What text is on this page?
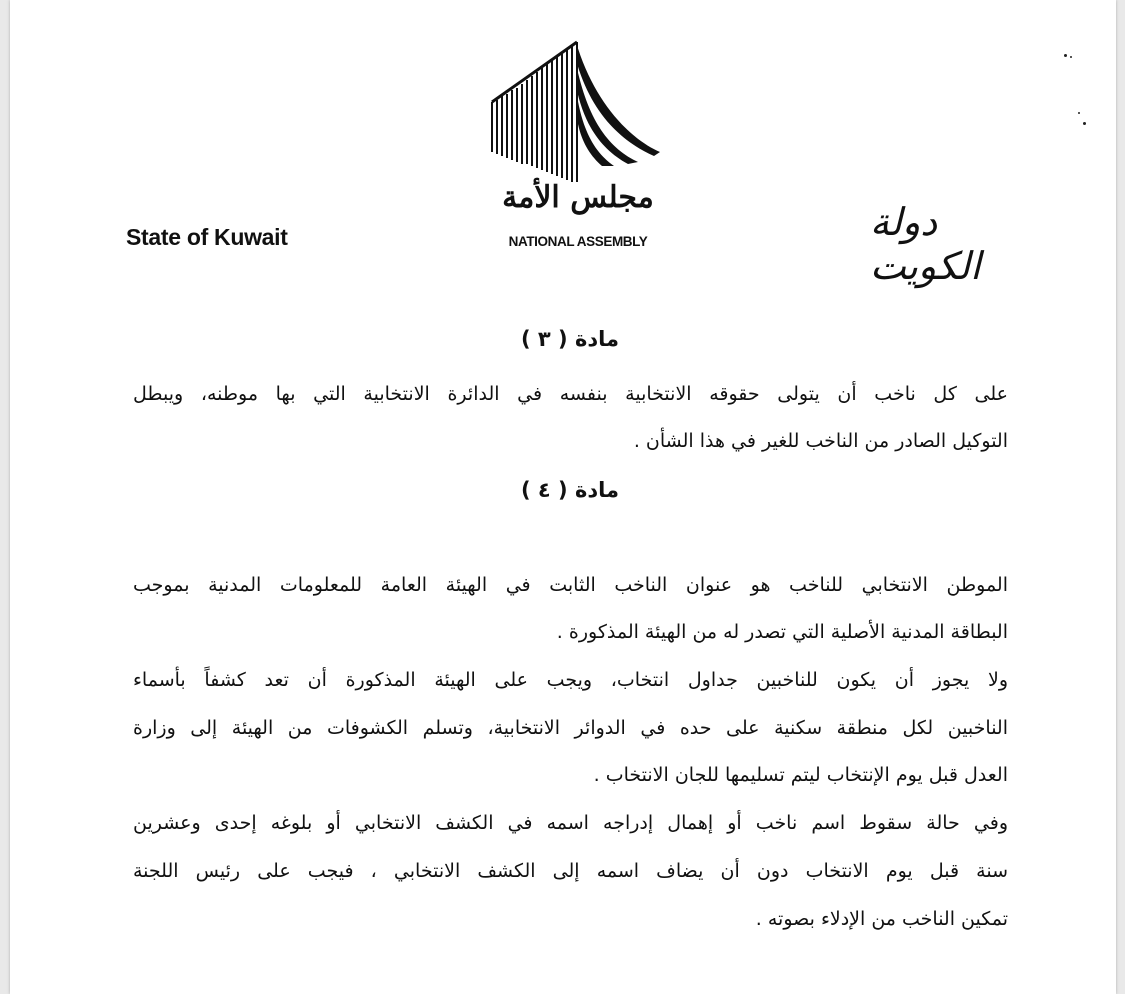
State of Kuwait	دولة الكويت
مجلس الأمة
NATIONAL ASSEMBLY
مادة ( ٣ )
على كل ناخب أن يتولى حقوقه الانتخابية بنفسه في الدائرة الانتخابية التي بها موطنه، ويبطل
التوكيل الصادر من الناخب للغير في هذا الشأن .
مادة ( ٤ )
الموطن الانتخابي للناخب هو عنوان الناخب الثابت في الهيئة العامة للمعلومات المدنية بموجب
البطاقة المدنية الأصلية التي تصدر له من الهيئة المذكورة .
ولا يجوز أن يكون للناخبين جداول انتخاب، ويجب على الهيئة المذكورة أن تعد كشفاً بأسماء
الناخبين لكل منطقة سكنية على حده في الدوائر الانتخابية، وتسلم الكشوفات من الهيئة إلى وزارة
العدل قبل يوم الإنتخاب ليتم تسليمها للجان الانتخاب .
وفي حالة سقوط اسم ناخب أو إهمال إدراجه اسمه في الكشف الانتخابي أو بلوغه إحدى وعشرين
سنة قبل يوم الانتخاب دون أن يضاف اسمه إلى الكشف الانتخابي ، فيجب على رئيس اللجنة
تمكين الناخب من الإدلاء بصوته .
